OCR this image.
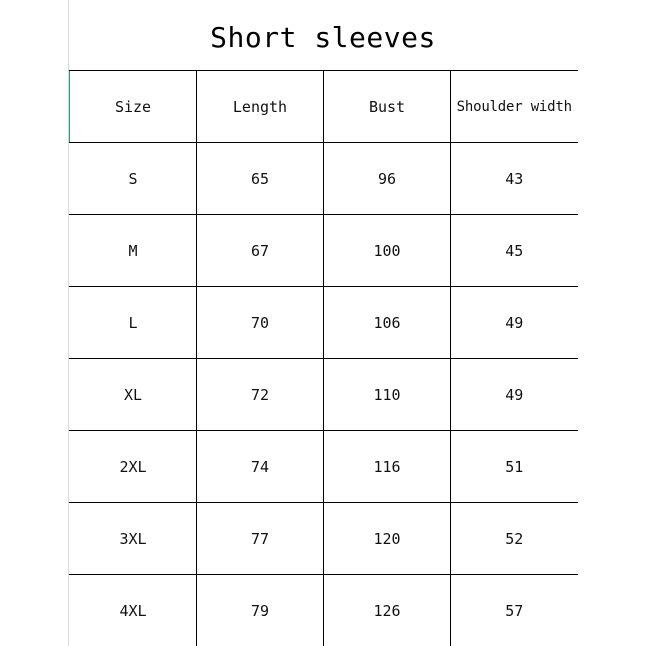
Short sleeves
Size	Length	Bust	Shoulder width
S	65	96	43
M	67	100	45
L	70	106	49
XL	72	110	49
2XL	74	116	51
3XL	77	120	52
4XL	79	126	57
